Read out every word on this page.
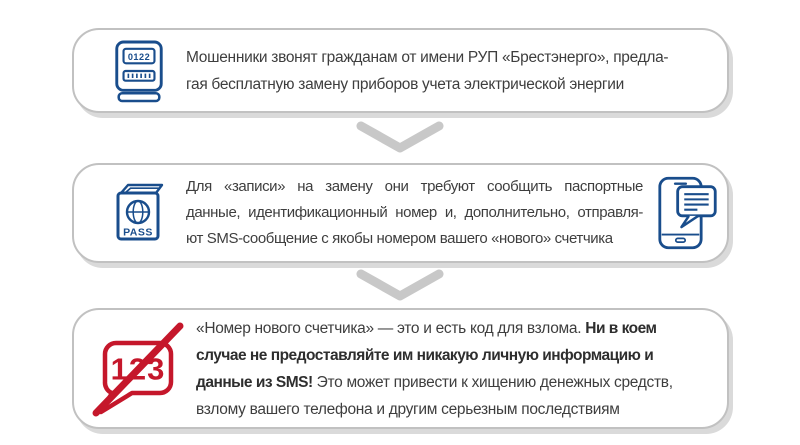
0122 Мошенники звонят гражданам от имени РУП «Брестэнерго», предла-
гая бесплатную замену приборов учета электрической энергии
PASS
Для «записи» на замену они требуют сообщить паспортные
данные, идентификационный номер и, дополнительно, отправля-
ют SMS-сообщение с якобы номером вашего «нового» счетчика
123
«Номер нового счетчика» — это и есть код для взлома. Ни в коем
случае не предоставляйте им никакую личную информацию и
данные из SMS! Это может привести к хищению денежных средств,
взлому вашего телефона и другим серьезным последствиям
